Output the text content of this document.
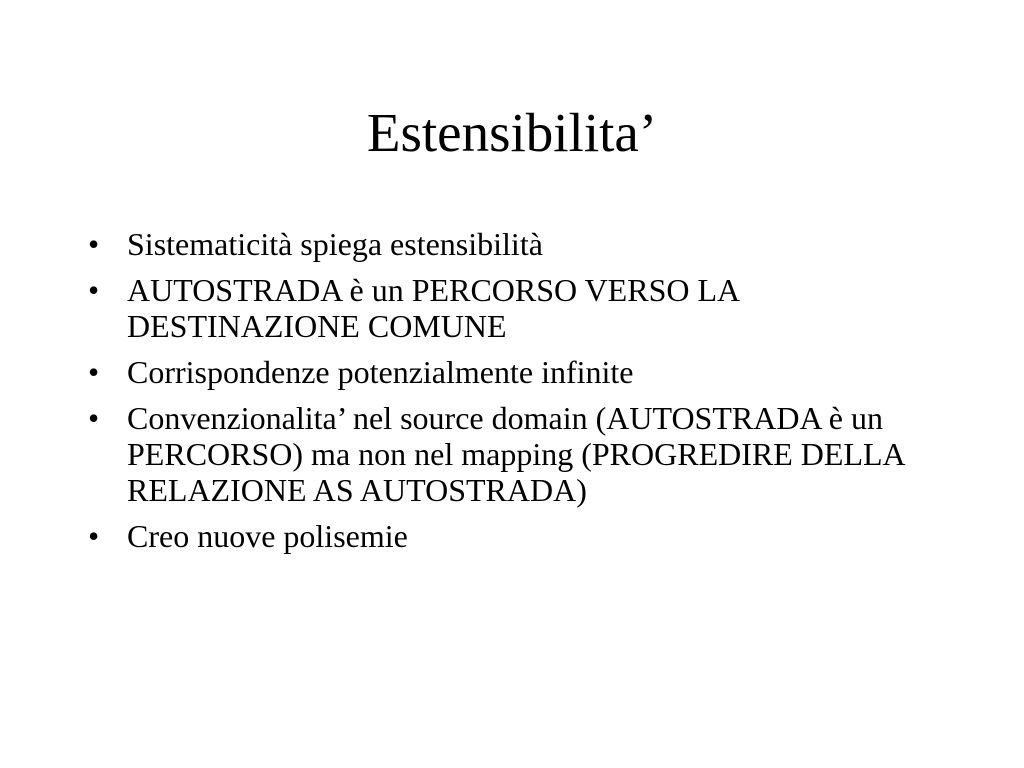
Estensibilita’
• Sistematicità spiega estensibilità
• AUTOSTRADA è un PERCORSO VERSO LA DESTINAZIONE COMUNE
• Corrispondenze potenzialmente infinite
• Convenzionalita’ nel source domain (AUTOSTRADA è un PERCORSO) ma non nel mapping (PROGREDIRE DELLA RELAZIONE AS AUTOSTRADA)
• Creo nuove polisemie
